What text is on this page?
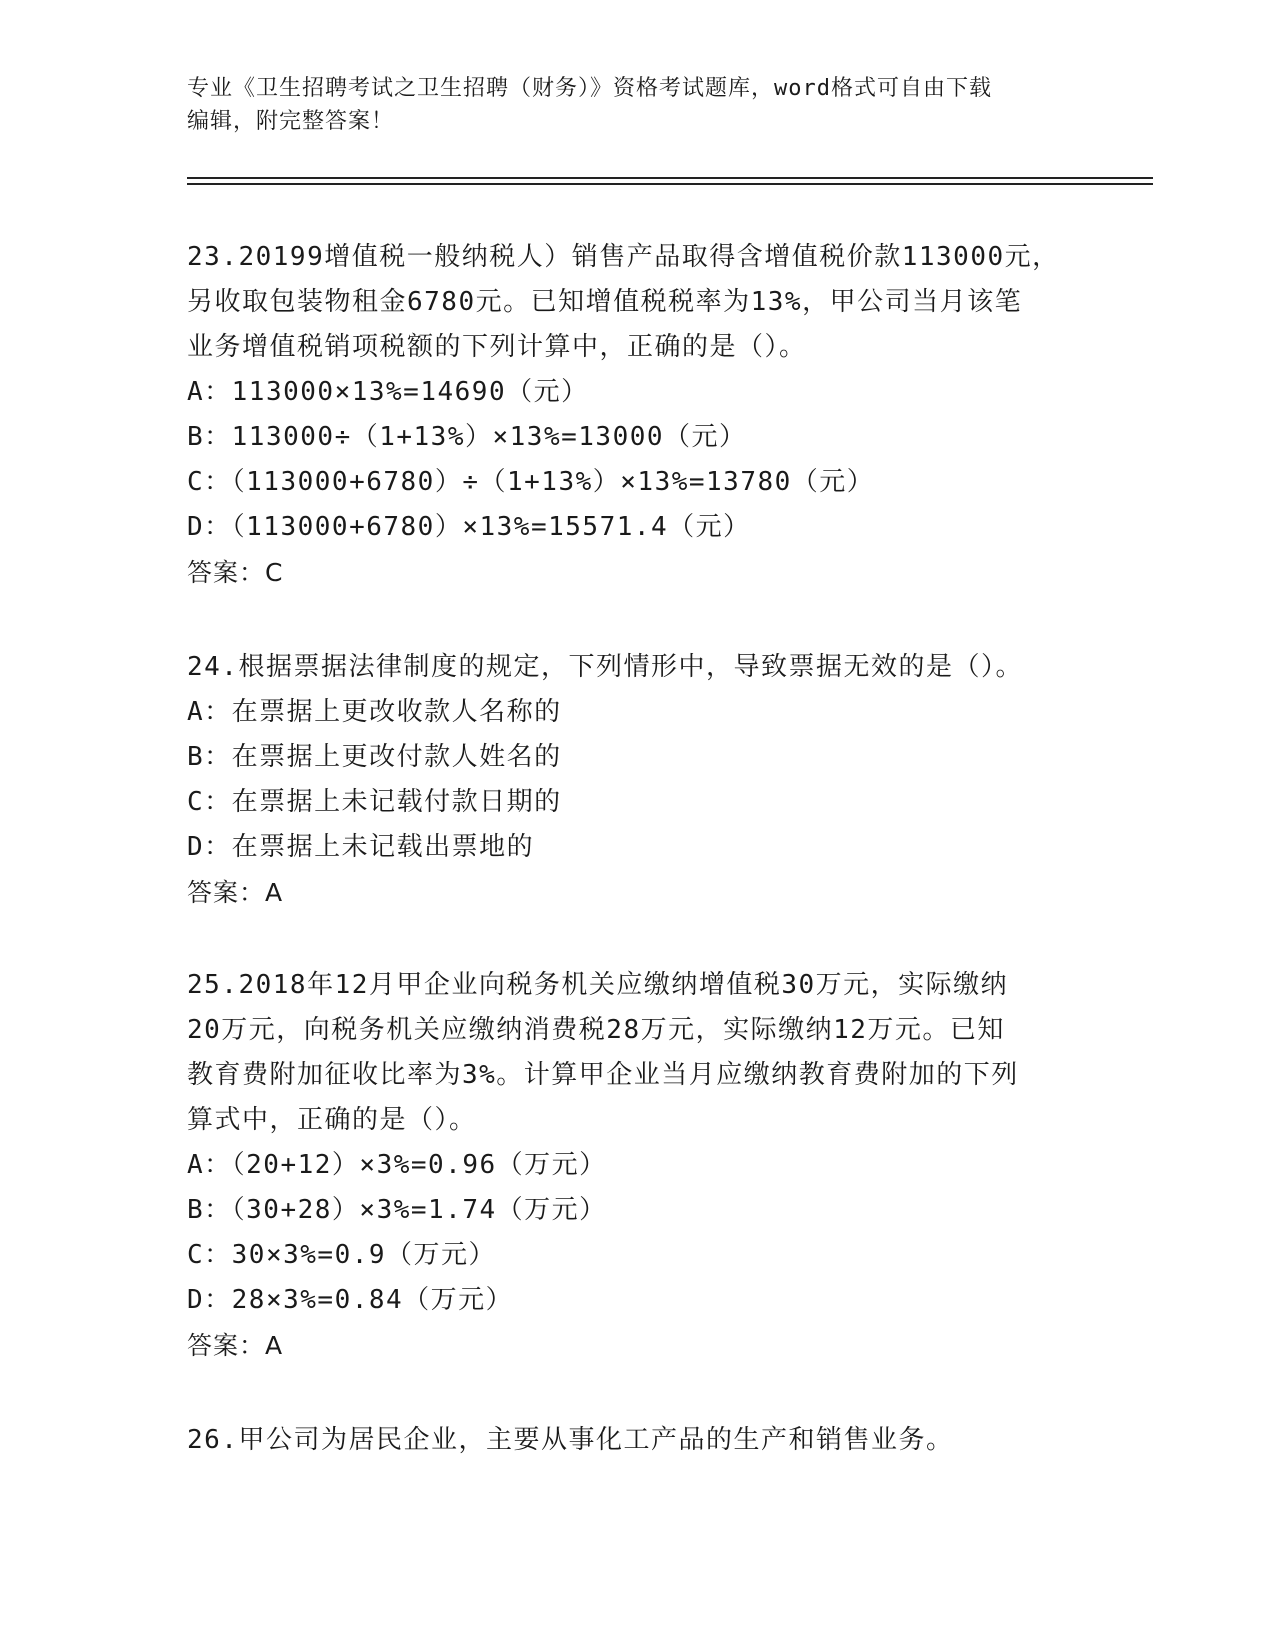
专业《卫生招聘考试之卫生招聘（财务）》资格考试题库，word格式可自由下载
编辑，附完整答案！
23.20199增值税一般纳税人）销售产品取得含增值税价款113000元，
另收取包装物租金6780元。已知增值税税率为13%，甲公司当月该笔
业务增值税销项税额的下列计算中，正确的是（）。
A：113000×13%=14690（元）
B：113000÷（1+13%）×13%=13000（元）
C：（113000+6780）÷（1+13%）×13%=13780（元）
D：（113000+6780）×13%=15571.4（元）
答案：C
24.根据票据法律制度的规定，下列情形中，导致票据无效的是（）。
A：在票据上更改收款人名称的
B：在票据上更改付款人姓名的
C：在票据上未记载付款日期的
D：在票据上未记载出票地的
答案：A
25.2018年12月甲企业向税务机关应缴纳增值税30万元，实际缴纳
20万元，向税务机关应缴纳消费税28万元，实际缴纳12万元。已知
教育费附加征收比率为3%。计算甲企业当月应缴纳教育费附加的下列
算式中，正确的是（）。
A：（20+12）×3%=0.96（万元）
B：（30+28）×3%=1.74（万元）
C：30×3%=0.9（万元）
D：28×3%=0.84（万元）
答案：A
26.甲公司为居民企业，主要从事化工产品的生产和销售业务。
